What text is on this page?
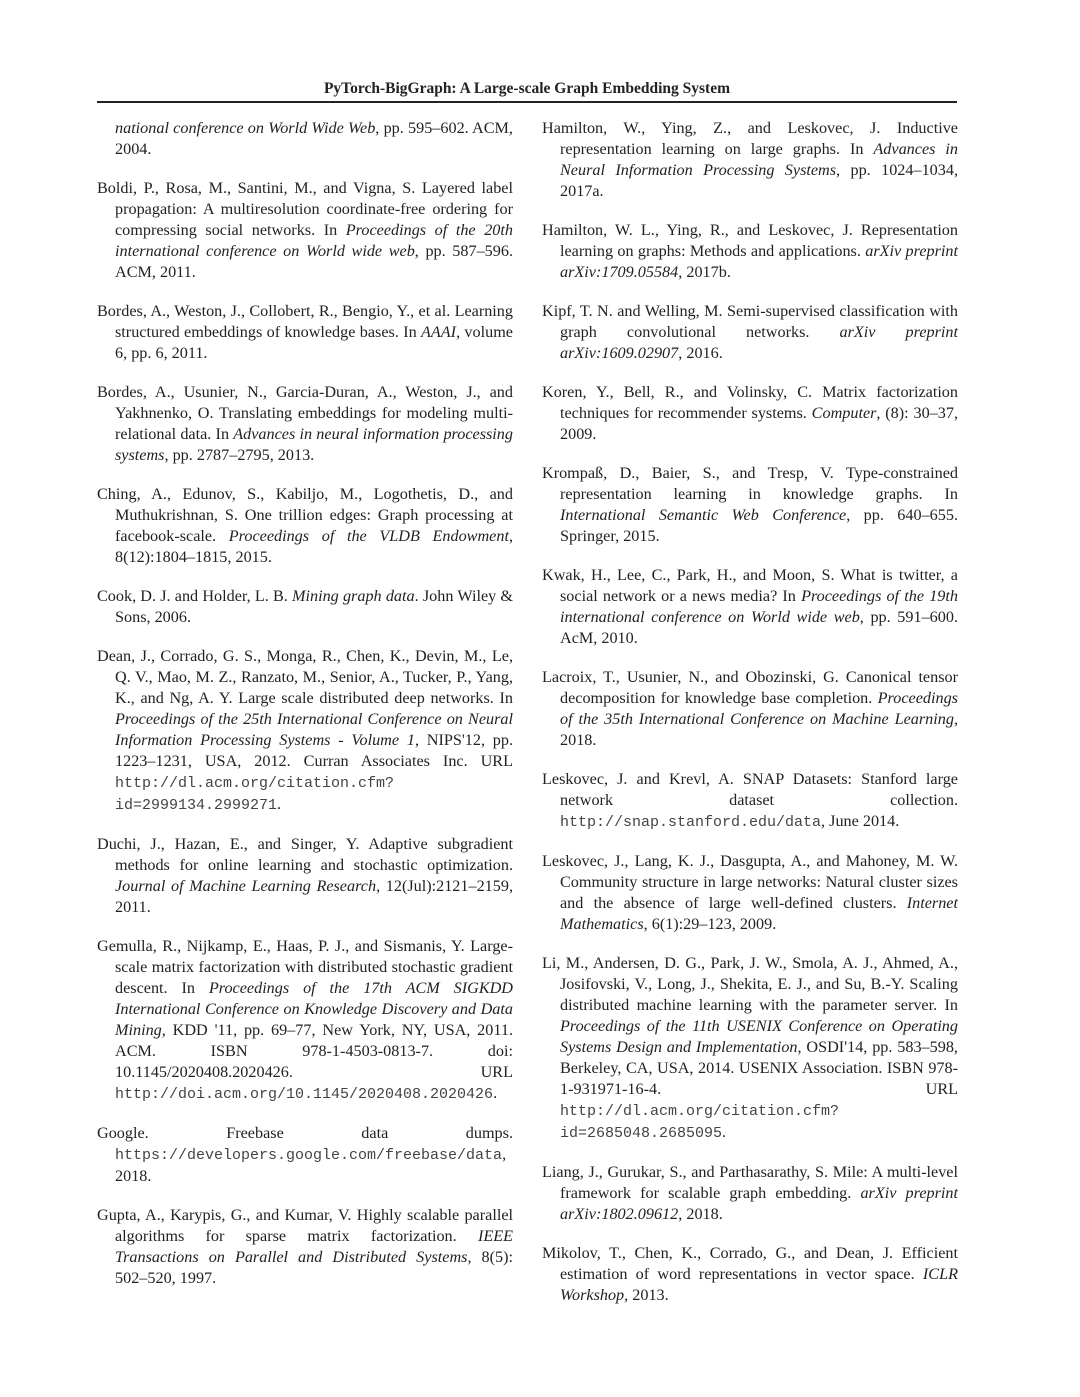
PyTorch-BigGraph: A Large-scale Graph Embedding System
national conference on World Wide Web, pp. 595–602. ACM, 2004.
Boldi, P., Rosa, M., Santini, M., and Vigna, S. Layered label propagation: A multiresolution coordinate-free ordering for compressing social networks. In Proceedings of the 20th international conference on World wide web, pp. 587–596. ACM, 2011.
Bordes, A., Weston, J., Collobert, R., Bengio, Y., et al. Learning structured embeddings of knowledge bases. In AAAI, volume 6, pp. 6, 2011.
Bordes, A., Usunier, N., Garcia-Duran, A., Weston, J., and Yakhnenko, O. Translating embeddings for modeling multi-relational data. In Advances in neural information processing systems, pp. 2787–2795, 2013.
Ching, A., Edunov, S., Kabiljo, M., Logothetis, D., and Muthukrishnan, S. One trillion edges: Graph processing at facebook-scale. Proceedings of the VLDB Endowment, 8(12):1804–1815, 2015.
Cook, D. J. and Holder, L. B. Mining graph data. John Wiley & Sons, 2006.
Dean, J., Corrado, G. S., Monga, R., Chen, K., Devin, M., Le, Q. V., Mao, M. Z., Ranzato, M., Senior, A., Tucker, P., Yang, K., and Ng, A. Y. Large scale distributed deep networks. In Proceedings of the 25th International Conference on Neural Information Processing Systems - Volume 1, NIPS'12, pp. 1223–1231, USA, 2012. Curran Associates Inc. URL http://dl.acm.org/citation.cfm?id=2999134.2999271.
Duchi, J., Hazan, E., and Singer, Y. Adaptive subgradient methods for online learning and stochastic optimization. Journal of Machine Learning Research, 12(Jul):2121–2159, 2011.
Gemulla, R., Nijkamp, E., Haas, P. J., and Sismanis, Y. Large-scale matrix factorization with distributed stochastic gradient descent. In Proceedings of the 17th ACM SIGKDD International Conference on Knowledge Discovery and Data Mining, KDD '11, pp. 69–77, New York, NY, USA, 2011. ACM. ISBN 978-1-4503-0813-7. doi: 10.1145/2020408.2020426. URL http://doi.acm.org/10.1145/2020408.2020426.
Google. Freebase data dumps. https://developers.google.com/freebase/data, 2018.
Gupta, A., Karypis, G., and Kumar, V. Highly scalable parallel algorithms for sparse matrix factorization. IEEE Transactions on Parallel and Distributed Systems, 8(5): 502–520, 1997.
Hamilton, W., Ying, Z., and Leskovec, J. Inductive representation learning on large graphs. In Advances in Neural Information Processing Systems, pp. 1024–1034, 2017a.
Hamilton, W. L., Ying, R., and Leskovec, J. Representation learning on graphs: Methods and applications. arXiv preprint arXiv:1709.05584, 2017b.
Kipf, T. N. and Welling, M. Semi-supervised classification with graph convolutional networks. arXiv preprint arXiv:1609.02907, 2016.
Koren, Y., Bell, R., and Volinsky, C. Matrix factorization techniques for recommender systems. Computer, (8): 30–37, 2009.
Krompaß, D., Baier, S., and Tresp, V. Type-constrained representation learning in knowledge graphs. In International Semantic Web Conference, pp. 640–655. Springer, 2015.
Kwak, H., Lee, C., Park, H., and Moon, S. What is twitter, a social network or a news media? In Proceedings of the 19th international conference on World wide web, pp. 591–600. AcM, 2010.
Lacroix, T., Usunier, N., and Obozinski, G. Canonical tensor decomposition for knowledge base completion. Proceedings of the 35th International Conference on Machine Learning, 2018.
Leskovec, J. and Krevl, A. SNAP Datasets: Stanford large network dataset collection. http://snap.stanford.edu/data, June 2014.
Leskovec, J., Lang, K. J., Dasgupta, A., and Mahoney, M. W. Community structure in large networks: Natural cluster sizes and the absence of large well-defined clusters. Internet Mathematics, 6(1):29–123, 2009.
Li, M., Andersen, D. G., Park, J. W., Smola, A. J., Ahmed, A., Josifovski, V., Long, J., Shekita, E. J., and Su, B.-Y. Scaling distributed machine learning with the parameter server. In Proceedings of the 11th USENIX Conference on Operating Systems Design and Implementation, OSDI'14, pp. 583–598, Berkeley, CA, USA, 2014. USENIX Association. ISBN 978-1-931971-16-4. URL http://dl.acm.org/citation.cfm?id=2685048.2685095.
Liang, J., Gurukar, S., and Parthasarathy, S. Mile: A multi-level framework for scalable graph embedding. arXiv preprint arXiv:1802.09612, 2018.
Mikolov, T., Chen, K., Corrado, G., and Dean, J. Efficient estimation of word representations in vector space. ICLR Workshop, 2013.
